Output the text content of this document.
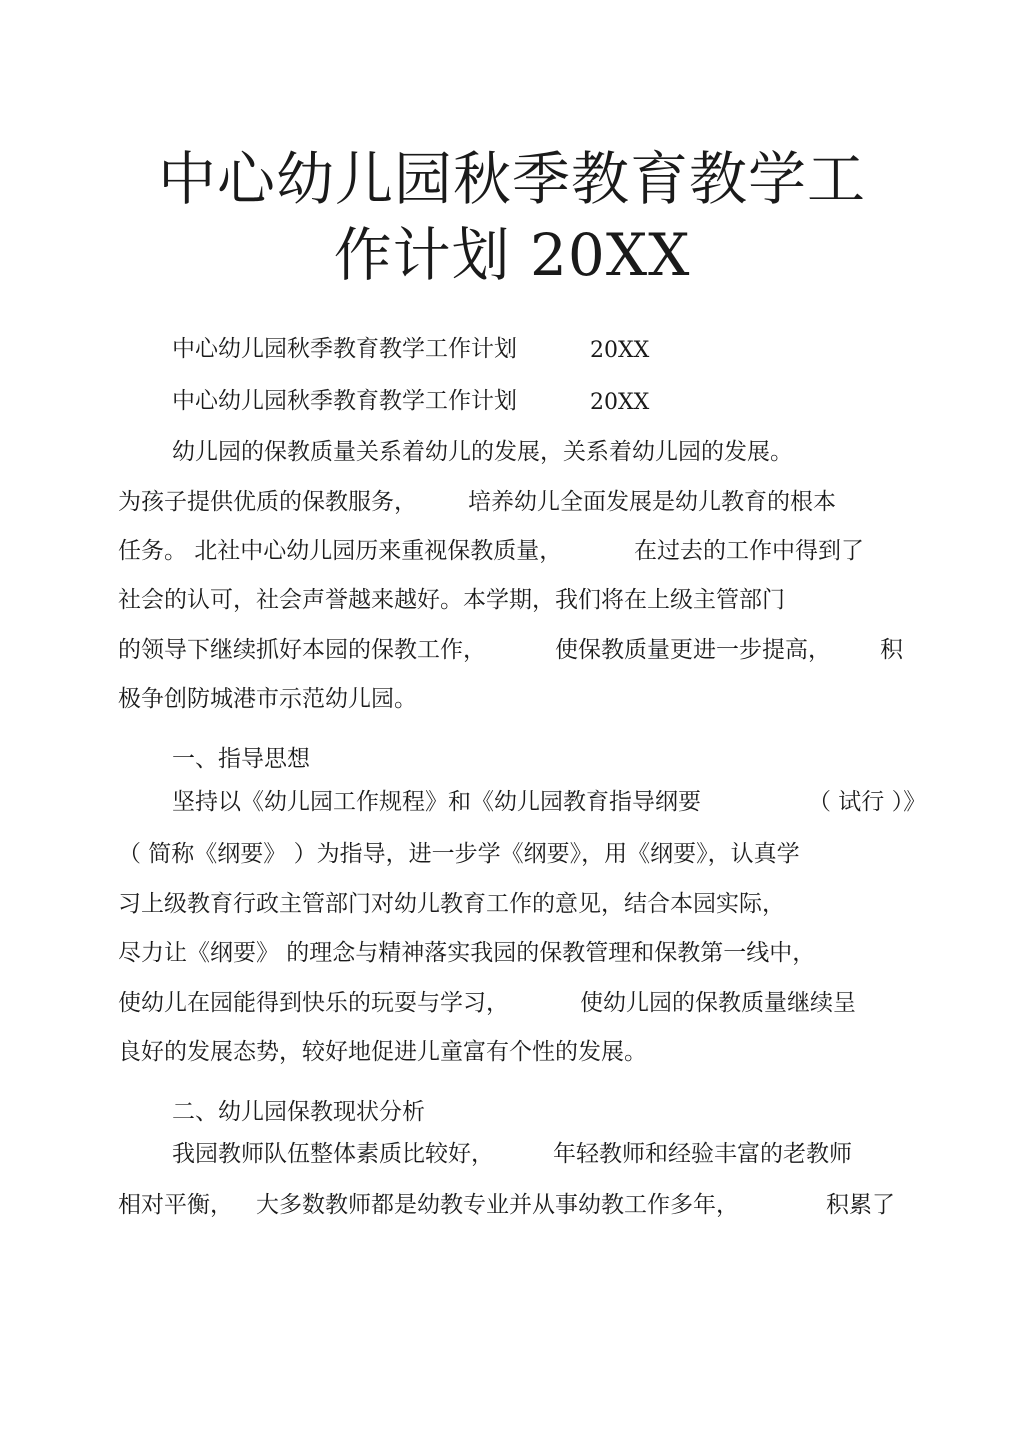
中心幼儿园秋季教育教学工
作计划 20XX
中心幼儿园秋季教育教学工作计划	20XX
中心幼儿园秋季教育教学工作计划	20XX
幼儿园的保教质量关系着幼儿的发展，关系着幼儿园的发展。
为孩子提供优质的保教服务， 培养幼儿全面发展是幼儿教育的根本
任务。 北社中心幼儿园历来重视保教质量，	在过去的工作中得到了
社会的认可，社会声誉越来越好。本学期，我们将在上级主管部门
的领导下继续抓好本园的保教工作，	使保教质量更进一步提高， 积
极争创防城港市示范幼儿园。
一、指导思想
坚持以《幼儿园工作规程》和《幼儿园教育指导纲要	（ 试行 ）》
（ 简称《纲要》 ）为指导，进一步学《纲要》，用《纲要》，认真学
习上级教育行政主管部门对幼儿教育工作的意见，结合本园实际，
尽力让《纲要》 的理念与精神落实我园的保教管理和保教第一线中，
使幼儿在园能得到快乐的玩耍与学习，	使幼儿园的保教质量继续呈
良好的发展态势，较好地促进儿童富有个性的发展。
二、幼儿园保教现状分析
我园教师队伍整体素质比较好，	年轻教师和经验丰富的老教师
相对平衡， 大多数教师都是幼教专业并从事幼教工作多年，	积累了
